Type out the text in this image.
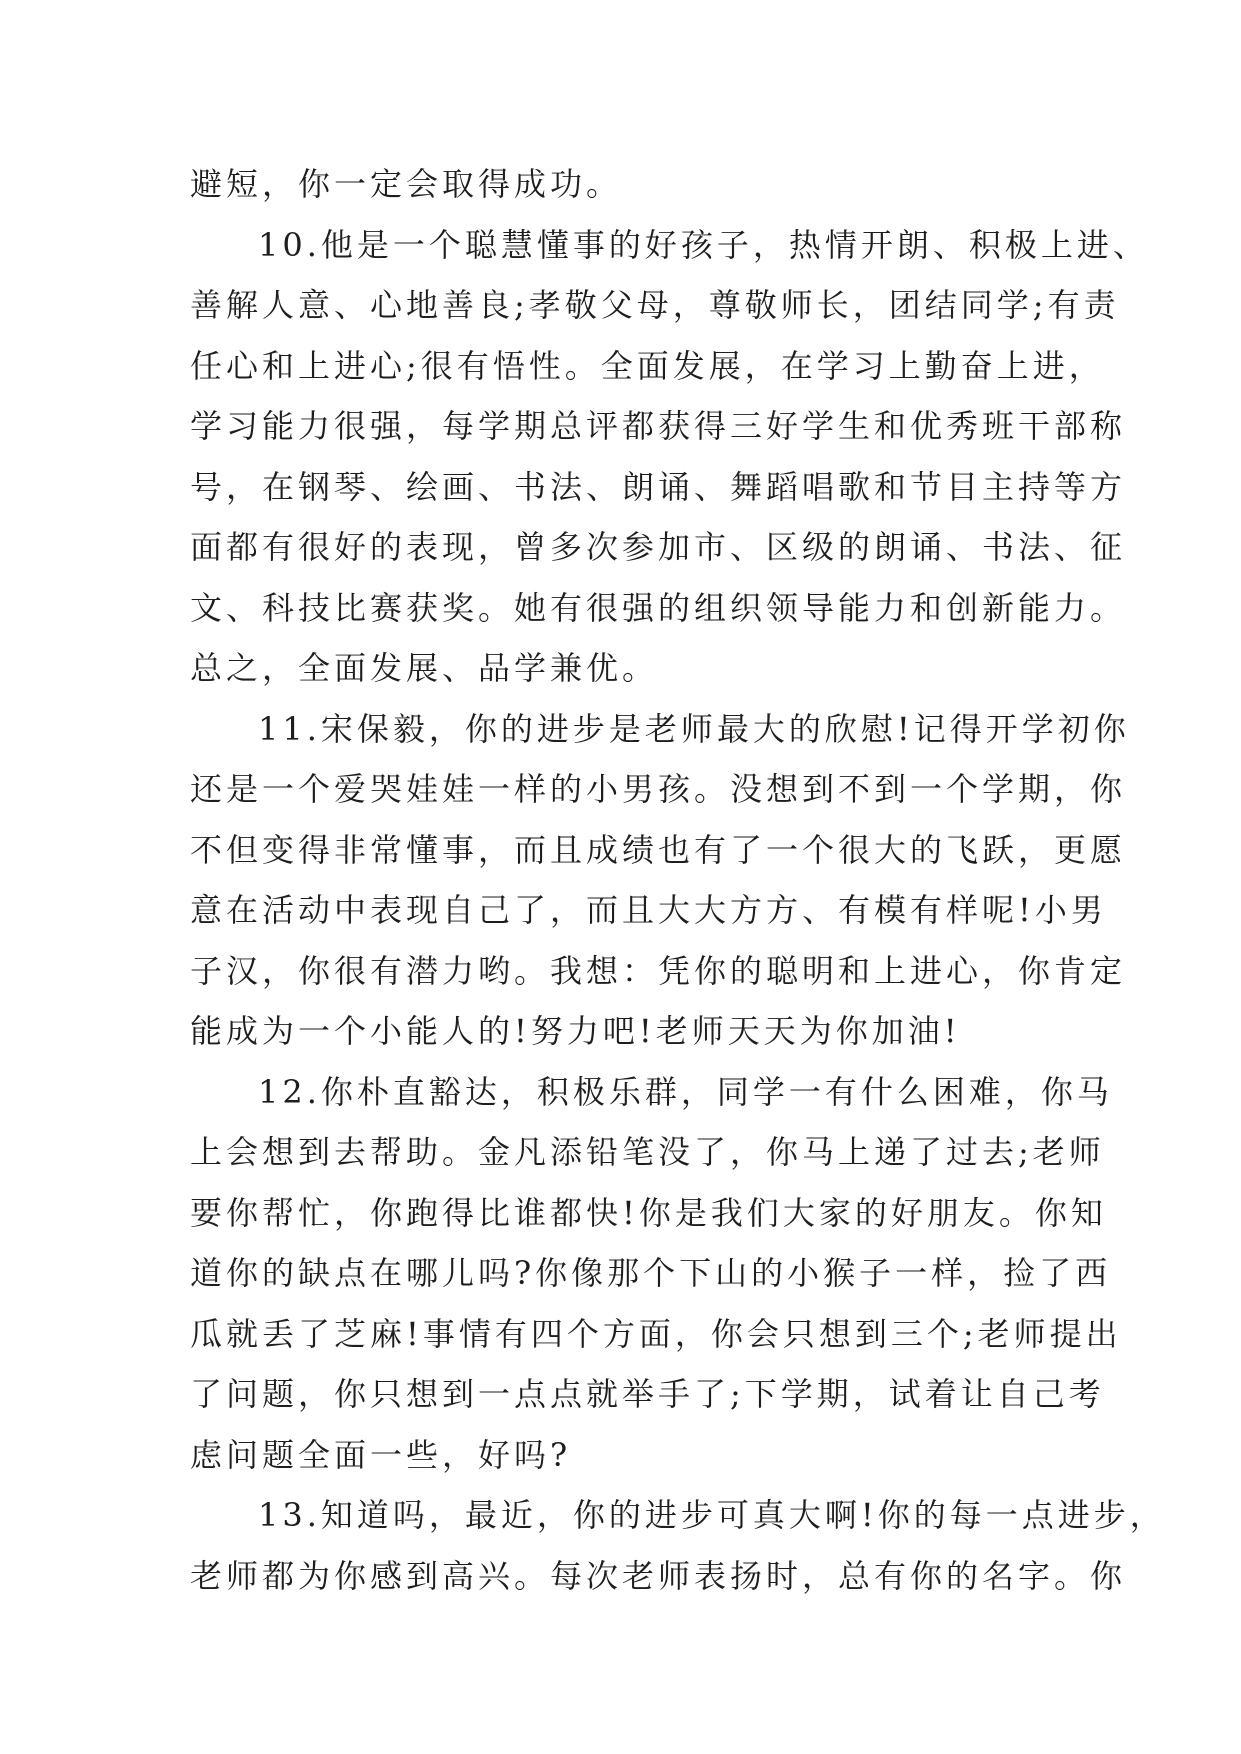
避短，你一定会取得成功。
10.他是一个聪慧懂事的好孩子，热情开朗、积极上进、
善解人意、心地善良;孝敬父母，尊敬师长，团结同学;有责
任心和上进心;很有悟性。全面发展，在学习上勤奋上进，
学习能力很强，每学期总评都获得三好学生和优秀班干部称
号，在钢琴、绘画、书法、朗诵、舞蹈唱歌和节目主持等方
面都有很好的表现，曾多次参加市、区级的朗诵、书法、征
文、科技比赛获奖。她有很强的组织领导能力和创新能力。
总之，全面发展、品学兼优。
11.宋保毅，你的进步是老师最大的欣慰!记得开学初你
还是一个爱哭娃娃一样的小男孩。没想到不到一个学期，你
不但变得非常懂事，而且成绩也有了一个很大的飞跃，更愿
意在活动中表现自己了，而且大大方方、有模有样呢!小男
子汉，你很有潜力哟。我想：凭你的聪明和上进心，你肯定
能成为一个小能人的!努力吧!老师天天为你加油!
12.你朴直豁达，积极乐群，同学一有什么困难，你马
上会想到去帮助。金凡添铅笔没了，你马上递了过去;老师
要你帮忙，你跑得比谁都快!你是我们大家的好朋友。你知
道你的缺点在哪儿吗?你像那个下山的小猴子一样，捡了西
瓜就丢了芝麻!事情有四个方面，你会只想到三个;老师提出
了问题，你只想到一点点就举手了;下学期，试着让自己考
虑问题全面一些，好吗?
13.知道吗，最近，你的进步可真大啊!你的每一点进步，
老师都为你感到高兴。每次老师表扬时，总有你的名字。你
